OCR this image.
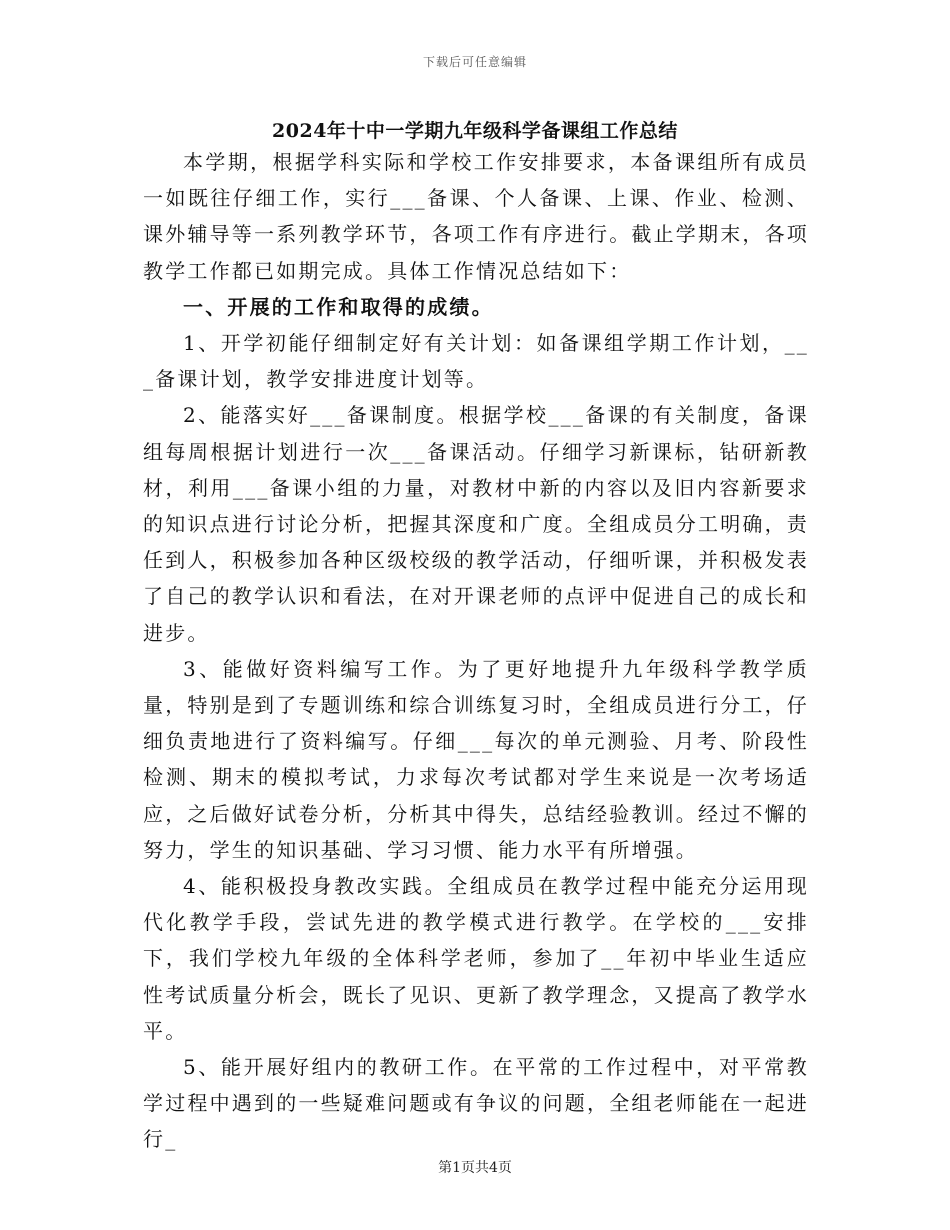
下载后可任意编辑
2024年十中一学期九年级科学备课组工作总结

本学期，根据学科实际和学校工作安排要求，本备课组所有成员一如既往仔细工作，实行___备课、个人备课、上课、作业、检测、课外辅导等一系列教学环节，各项工作有序进行。截止学期末，各项教学工作都已如期完成。具体工作情况总结如下：

一、开展的工作和取得的成绩。

1、开学初能仔细制定好有关计划：如备课组学期工作计划，___备课计划，教学安排进度计划等。

2、能落实好___备课制度。根据学校___备课的有关制度，备课组每周根据计划进行一次___备课活动。仔细学习新课标，钻研新教材，利用___备课小组的力量，对教材中新的内容以及旧内容新要求的知识点进行讨论分析，把握其深度和广度。全组成员分工明确，责任到人，积极参加各种区级校级的教学活动，仔细听课，并积极发表了自己的教学认识和看法，在对开课老师的点评中促进自己的成长和进步。

3、能做好资料编写工作。为了更好地提升九年级科学教学质量，特别是到了专题训练和综合训练复习时，全组成员进行分工，仔细负责地进行了资料编写。仔细___每次的单元测验、月考、阶段性检测、期末的模拟考试，力求每次考试都对学生来说是一次考场适应，之后做好试卷分析，分析其中得失，总结经验教训。经过不懈的努力，学生的知识基础、学习习惯、能力水平有所增强。

4、能积极投身教改实践。全组成员在教学过程中能充分运用现代化教学手段，尝试先进的教学模式进行教学。在学校的___安排下，我们学校九年级的全体科学老师，参加了__年初中毕业生适应性考试质量分析会，既长了见识、更新了教学理念，又提高了教学水平。

5、能开展好组内的教研工作。在平常的工作过程中，对平常教学过程中遇到的一些疑难问题或有争议的问题，全组老师能在一起进行_

第1页共4页
